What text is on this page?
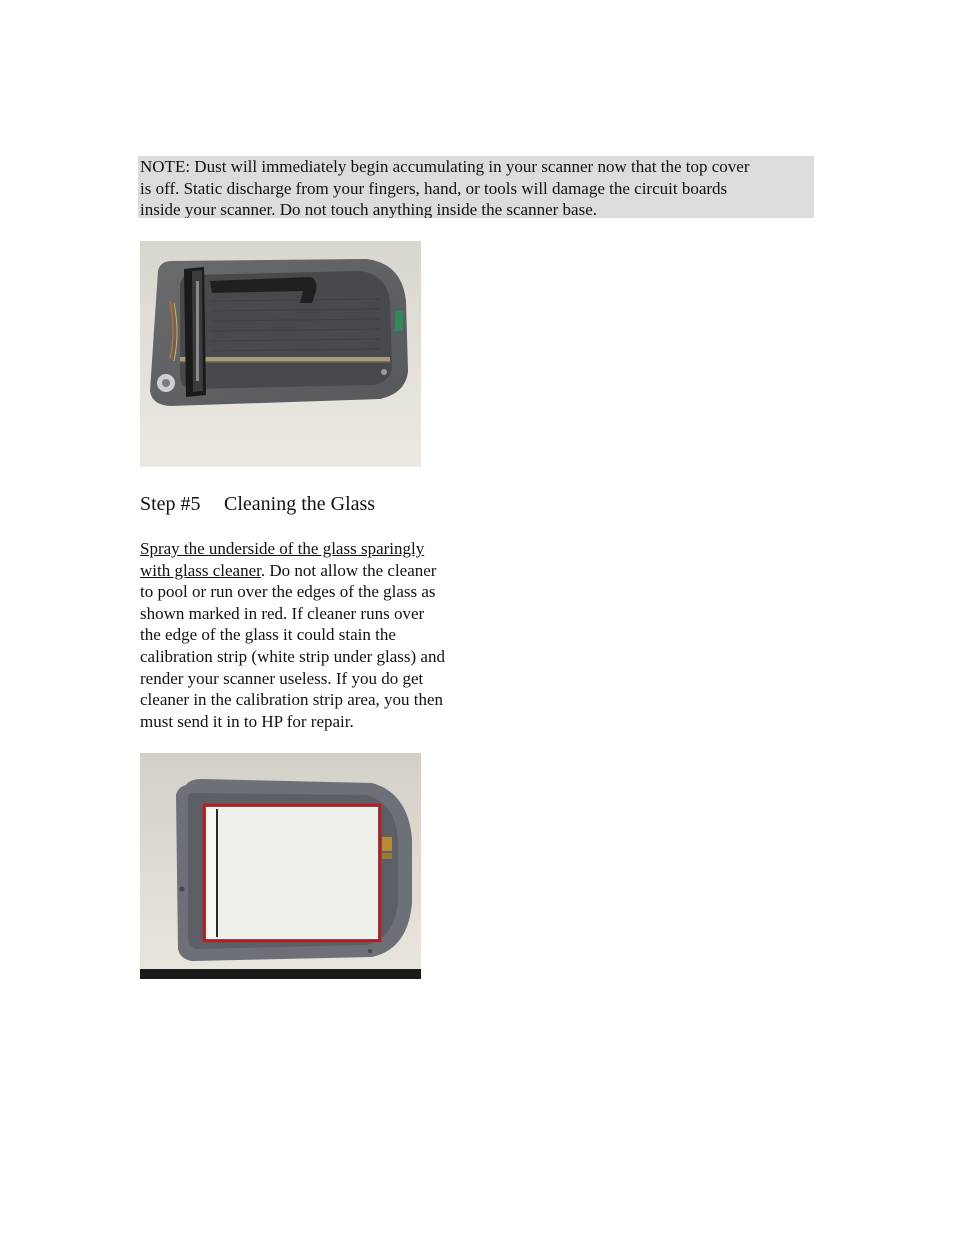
NOTE: Dust will immediately begin accumulating in your scanner now that the top cover
is off. Static discharge from your fingers, hand, or tools will damage the circuit boards
inside your scanner. Do not touch anything inside the scanner base.
Step #5 Cleaning the Glass
Spray the underside of the glass sparingly
with glass cleaner. Do not allow the cleaner
to pool or run over the edges of the glass as
shown marked in red. If cleaner runs over
the edge of the glass it could stain the
calibration strip (white strip under glass) and
render your scanner useless. If you do get
cleaner in the calibration strip area, you then
must send it in to HP for repair.
